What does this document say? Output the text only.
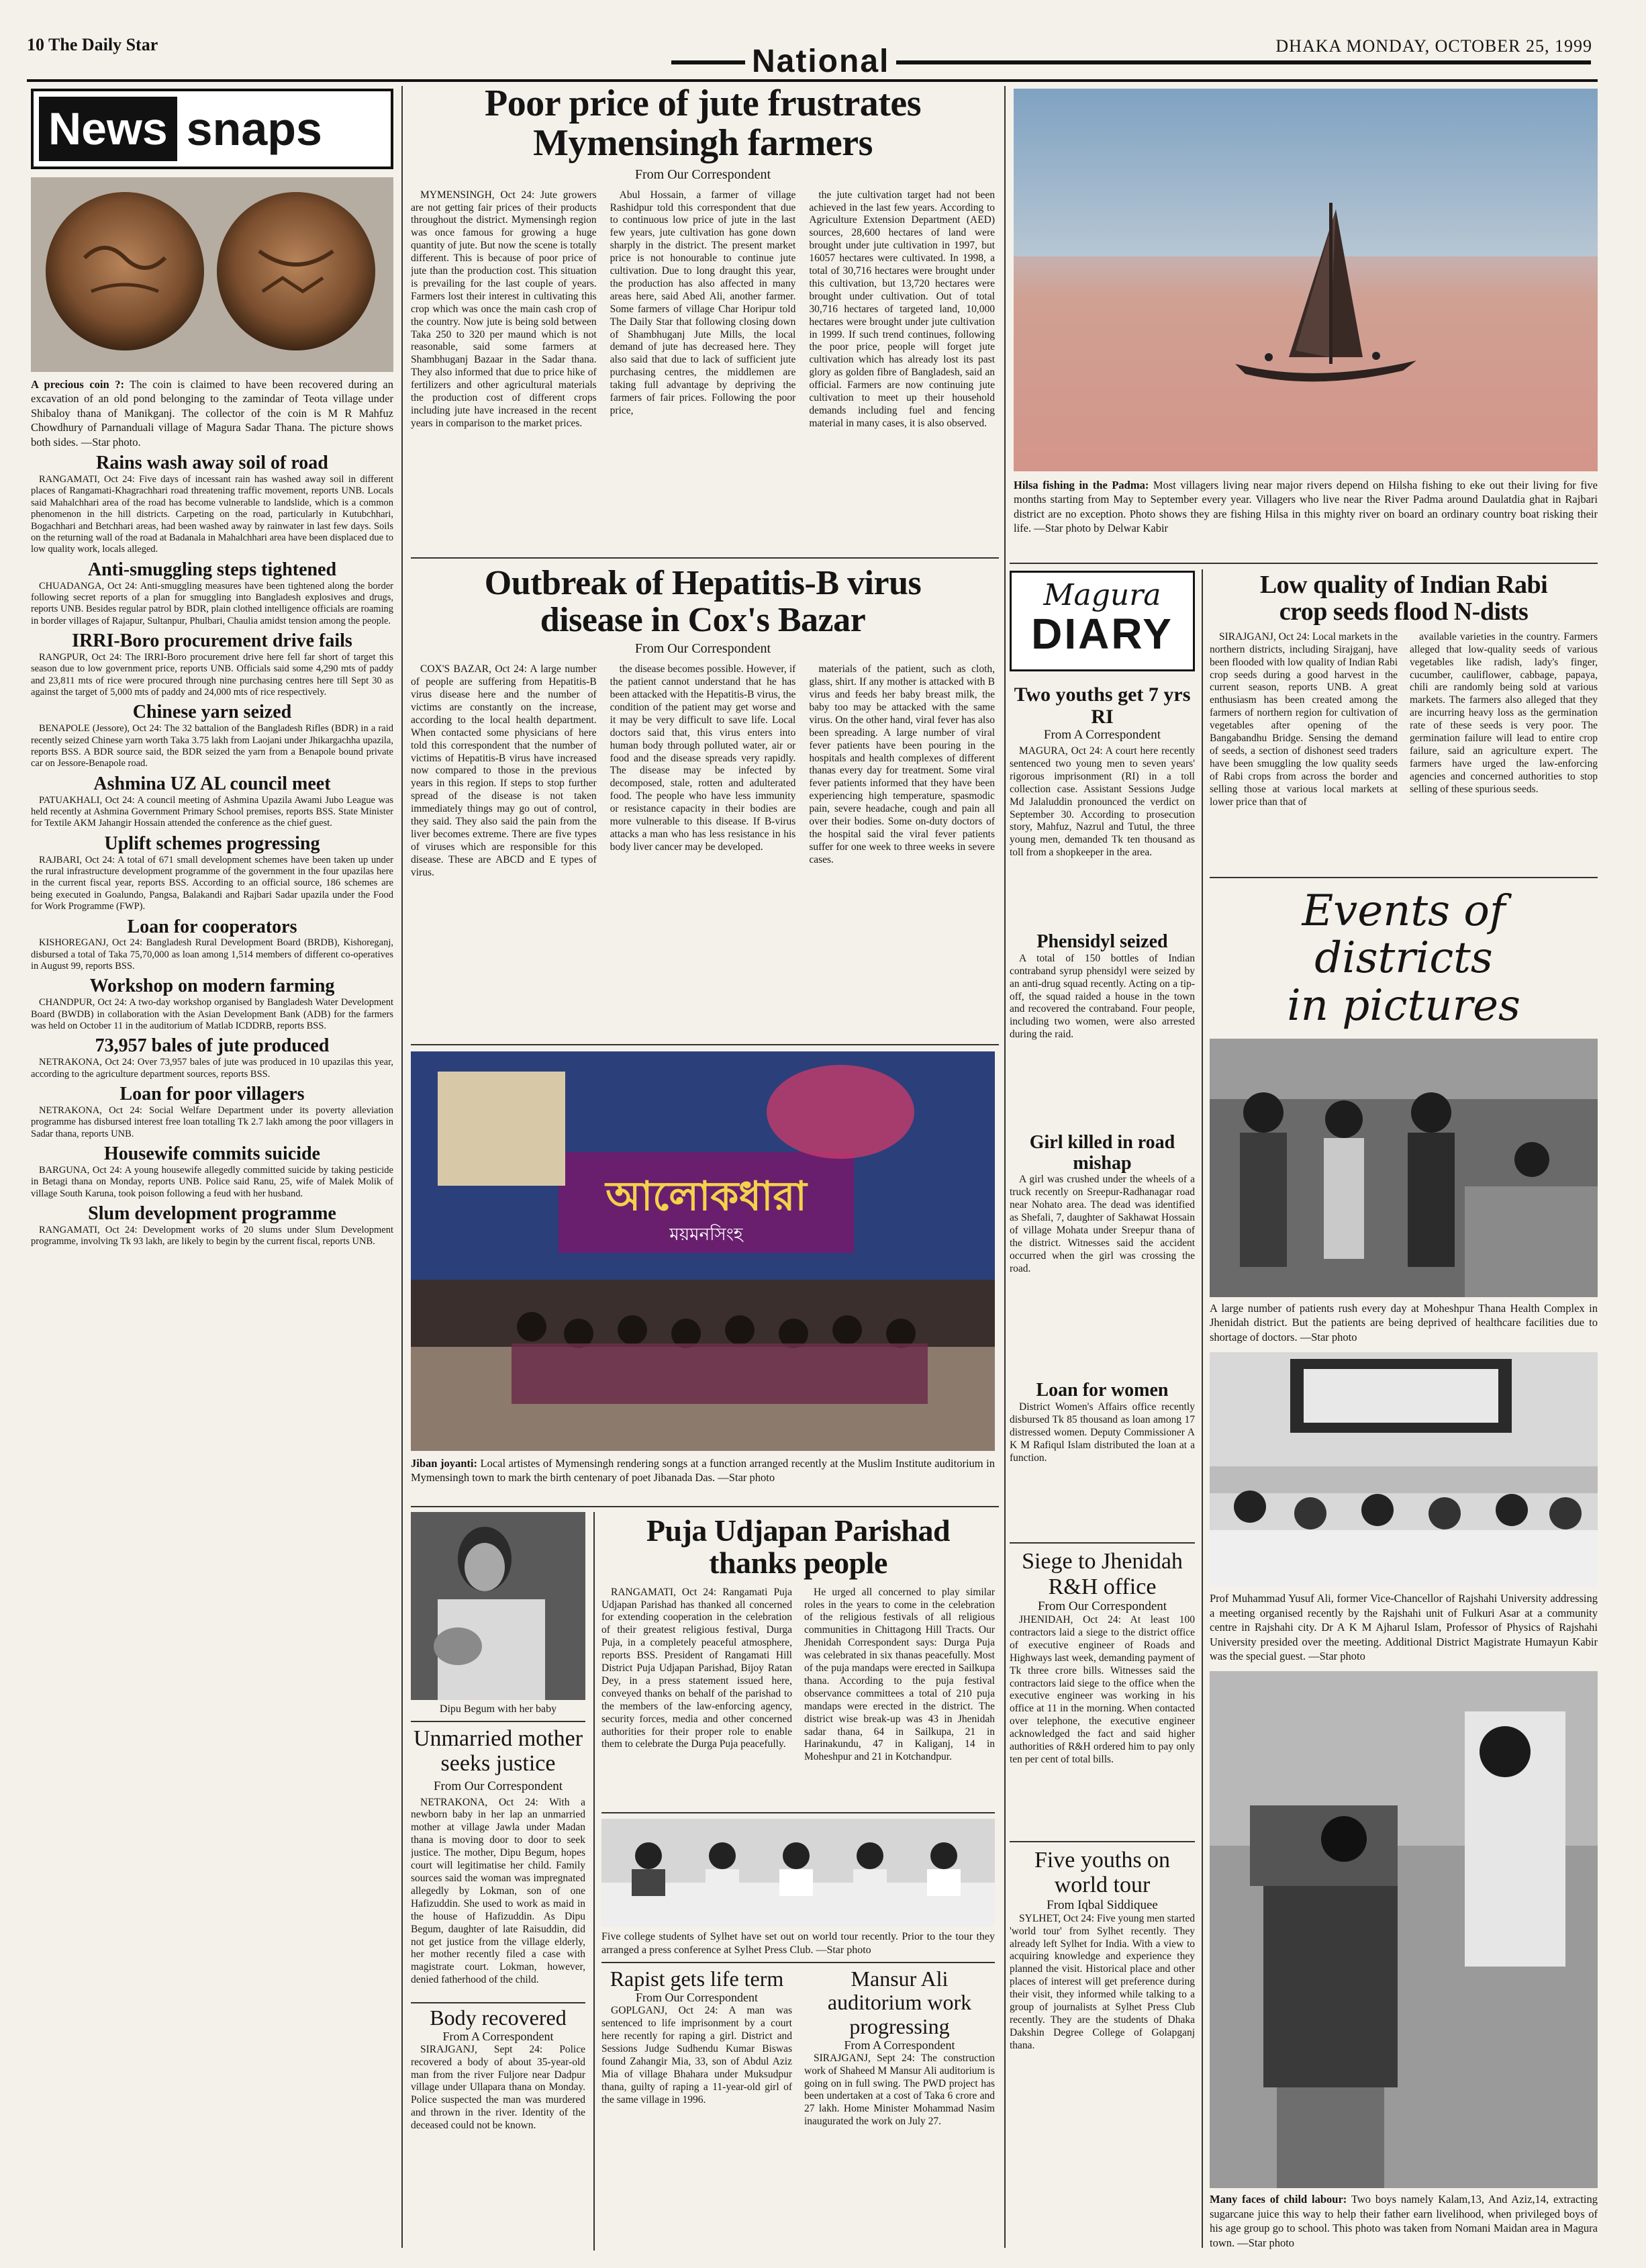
10 The Daily Star	National	DHAKA MONDAY, OCTOBER 25, 1999
News snaps
A precious coin ?: The coin is claimed to have been recovered during an excavation of an old pond belonging to the zamindar of Teota village under Shibaloy thana of Manikganj. The collector of the coin is M R Mahfuz Chowdhury of Parnanduali village of Magura Sadar Thana. The picture shows both sides. —Star photo.
Rains wash away soil of road

RANGAMATI, Oct 24: Five days of incessant rain has washed away soil in different places of Rangamati-Khagrachhari road threatening traffic movement, reports UNB. Locals said Mahalchhari area of the road has become vulnerable to landslide, which is a common phenomenon in the hill districts. Carpeting on the road, particularly in Kutubchhari, Bogachhari and Betchhari areas, had been washed away by rainwater in last few days. Soils on the returning wall of the road at Badanala in Mahalchhari area have been displaced due to low quality work, locals alleged.

Anti-smuggling steps tightened

CHUADANGA, Oct 24: Anti-smuggling measures have been tightened along the border following secret reports of a plan for smuggling into Bangladesh explosives and drugs, reports UNB. Besides regular patrol by BDR, plain clothed intelligence officials are roaming in border villages of Rajapur, Sultanpur, Phulbari, Chaulia amidst tension among the people.

IRRI-Boro procurement drive fails

RANGPUR, Oct 24: The IRRI-Boro procurement drive here fell far short of target this season due to low government price, reports UNB. Officials said some 4,290 mts of paddy and 23,811 mts of rice were procured through nine purchasing centres here till Sept 30 as against the target of 5,000 mts of paddy and 24,000 mts of rice respectively.

Chinese yarn seized

BENAPOLE (Jessore), Oct 24: The 32 battalion of the Bangladesh Rifles (BDR) in a raid recently seized Chinese yarn worth Taka 3.75 lakh from Laojani under Jhikargachha upazila, reports BSS. A BDR source said, the BDR seized the yarn from a Benapole bound private car on Jessore-Benapole road.

Ashmina UZ AL council meet

PATUAKHALI, Oct 24: A council meeting of Ashmina Upazila Awami Jubo League was held recently at Ashmina Government Primary School premises, reports BSS. State Minister for Textile AKM Jahangir Hossain attended the conference as the chief guest.

Uplift schemes progressing

RAJBARI, Oct 24: A total of 671 small development schemes have been taken up under the rural infrastructure development programme of the government in the four upazilas here in the current fiscal year, reports BSS. According to an official source, 186 schemes are being executed in Goalundo, Pangsa, Balakandi and Rajbari Sadar upazila under the Food for Work Programme (FWP).

Loan for cooperators

KISHOREGANJ, Oct 24: Bangladesh Rural Development Board (BRDB), Kishoreganj, disbursed a total of Taka 75,70,000 as loan among 1,514 members of different co-operatives in August 99, reports BSS.

Workshop on modern farming

CHANDPUR, Oct 24: A two-day workshop organised by Bangladesh Water Development Board (BWDB) in collaboration with the Asian Development Bank (ADB) for the farmers was held on October 11 in the auditorium of Matlab ICDDRB, reports BSS.

73,957 bales of jute produced

NETRAKONA, Oct 24: Over 73,957 bales of jute was produced in 10 upazilas this year, according to the agriculture department sources, reports BSS.

Loan for poor villagers

NETRAKONA, Oct 24: Social Welfare Department under its poverty alleviation programme has disbursed interest free loan totalling Tk 2.7 lakh among the poor villagers in Sadar thana, reports UNB.

Housewife commits suicide

BARGUNA, Oct 24: A young housewife allegedly committed suicide by taking pesticide in Betagi thana on Monday, reports UNB. Police said Ranu, 25, wife of Malek Molik of village South Karuna, took poison following a feud with her husband.

Slum development programme

RANGAMATI, Oct 24: Development works of 20 slums under Slum Development programme, involving Tk 93 lakh, are likely to begin by the current fiscal, reports UNB.

Poor price of jute frustrates
Mymensingh farmers
From Our Correspondent

MYMENSINGH, Oct 24: Jute growers are not getting fair prices of their products throughout the district. Mymensingh region was once famous for growing a huge quantity of jute. But now the scene is totally different. This is because of poor price of jute than the production cost. This situation is prevailing for the last couple of years. Farmers lost their interest in cultivating this crop which was once the main cash crop of the country. Now jute is being sold between Taka 250 to 320 per maund which is not reasonable, said some farmers at Shambhuganj Bazaar in the Sadar thana. They also informed that due to price hike of fertilizers and other agricultural materials the production cost of different crops including jute have increased in the recent years in comparison to the market prices.

Abul Hossain, a farmer of village Rashidpur told this correspondent that due to continuous low price of jute in the last few years, jute cultivation has gone down sharply in the district. The present market price is not honourable to continue jute cultivation. Due to long draught this year, the production has also affected in many areas here, said Abed Ali, another farmer. Some farmers of village Char Horipur told The Daily Star that following closing down of Shambhuganj Jute Mills, the local demand of jute has decreased here. They also said that due to lack of sufficient jute purchasing centres, the middlemen are taking full advantage by depriving the farmers of fair prices. Following the poor price,

the jute cultivation target had not been achieved in the last few years. According to Agriculture Extension Department (AED) sources, 28,600 hectares of land were brought under jute cultivation in 1997, but 16057 hectares were cultivated. In 1998, a total of 30,716 hectares were brought under this cultivation, but 13,720 hectares were brought under cultivation. Out of total 30,716 hectares of targeted land, 10,000 hectares were brought under jute cultivation in 1999. If such trend continues, following the poor price, people will forget jute cultivation which has already lost its past glory as golden fibre of Bangladesh, said an official. Farmers are now continuing jute cultivation to meet up their household demands including fuel and fencing material in many cases, it is also observed.

Hilsa fishing in the Padma: Most villagers living near major rivers depend on Hilsha fishing to eke out their living for five months starting from May to September every year. Villagers who live near the River Padma around Daulatdia ghat in Rajbari district are no exception. Photo shows they are fishing Hilsa in this mighty river on board an ordinary country boat risking their life. —Star photo by Delwar Kabir
Outbreak of Hepatitis-B virus
disease in Cox's Bazar
From Our Correspondent

COX'S BAZAR, Oct 24: A large number of people are suffering from Hepatitis-B virus disease here and the number of victims are constantly on the increase, according to the local health department. When contacted some physicians of here told this correspondent that the number of victims of Hepatitis-B virus have increased now compared to those in the previous years in this region. If steps to stop further spread of the disease is not taken immediately things may go out of control, they said. They also said the pain from the liver becomes extreme. There are five types of viruses which are responsible for this disease. These are ABCD and E types of virus.

the disease becomes possible. However, if the patient cannot understand that he has been attacked with the Hepatitis-B virus, the condition of the patient may get worse and it may be very difficult to save life. Local doctors said that, this virus enters into human body through polluted water, air or food and the disease spreads very rapidly. The disease may be infected by decomposed, stale, rotten and adulterated food. The people who have less immunity or resistance capacity in their bodies are more vulnerable to this disease. If B-virus attacks a man who has less resistance in his body liver cancer may be developed.

materials of the patient, such as cloth, glass, shirt. If any mother is attacked with B virus and feeds her baby breast milk, the baby too may be attacked with the same virus. On the other hand, viral fever has also been spreading. A large number of viral fever patients have been pouring in the hospitals and health complexes of different thanas every day for treatment. Some viral fever patients informed that they have been experiencing high temperature, spasmodic pain, severe headache, cough and pain all over their bodies. Some on-duty doctors of the hospital said the viral fever patients suffer for one week to three weeks in severe cases.

আলোকধারা
ময়মনসিংহ
Jiban joyanti: Local artistes of Mymensingh rendering songs at a function arranged recently at the Muslim Institute auditorium in Mymensingh town to mark the birth centenary of poet Jibanada Das. —Star photo
Dipu Begum with her baby
Unmarried mother seeks justice
From Our Correspondent

NETRAKONA, Oct 24: With a newborn baby in her lap an unmarried mother at village Jawla under Madan thana is moving door to door to seek justice. The mother, Dipu Begum, hopes court will legitimatise her child. Family sources said the woman was impregnated allegedly by Lokman, son of one Hafizuddin. She used to work as maid in the house of Hafizuddin. As Dipu Begum, daughter of late Raisuddin, did not get justice from the village elderly, her mother recently filed a case with magistrate court. Lokman, however, denied fatherhood of the child.

Body recovered
From A Correspondent

SIRAJGANJ, Sept 24: Police recovered a body of about 35-year-old man from the river Fuljore near Dadpur village under Ullapara thana on Monday. Police suspected the man was murdered and thrown in the river. Identity of the deceased could not be known.

Puja Udjapan Parishad
thanks people

RANGAMATI, Oct 24: Rangamati Puja Udjapan Parishad has thanked all concerned for extending cooperation in the celebration of their greatest religious festival, Durga Puja, in a completely peaceful atmosphere, reports BSS. President of Rangamati Hill District Puja Udjapan Parishad, Bijoy Ratan Dey, in a press statement issued here, conveyed thanks on behalf of the parishad to the members of the law-enforcing agency, security forces, media and other concerned authorities for their proper role to enable them to celebrate the Durga Puja peacefully.

He urged all concerned to play similar roles in the years to come in the celebration of the religious festivals of all religious communities in Chittagong Hill Tracts. Our Jhenidah Correspondent says: Durga Puja was celebrated in six thanas peacefully. Most of the puja mandaps were erected in Sailkupa thana. According to the puja festival observance committees a total of 210 puja mandaps were erected in the district. The district wise break-up was 43 in Jhenidah sadar thana, 64 in Sailkupa, 21 in Harinakundu, 47 in Kaliganj, 14 in Moheshpur and 21 in Kotchandpur.

Five college students of Sylhet have set out on world tour recently. Prior to the tour they arranged a press conference at Sylhet Press Club. —Star photo
Rapist gets life term
From Our Correspondent

GOPLGANJ, Oct 24: A man was sentenced to life imprisonment by a court here recently for raping a girl. District and Sessions Judge Sudhendu Kumar Biswas found Zahangir Mia, 33, son of Abdul Aziz Mia of village Bhahara under Muksudpur thana, guilty of raping a 11-year-old girl of the same village in 1996.

Mansur Ali auditorium work progressing
From A Correspondent

SIRAJGANJ, Sept 24: The construction work of Shaheed M Mansur Ali auditorium is going on in full swing. The PWD project has been undertaken at a cost of Taka 6 crore and 27 lakh. Home Minister Mohammad Nasim inaugurated the work on July 27.

Magura
DIARY
Two youths get 7 yrs RI
From A Correspondent

MAGURA, Oct 24: A court here recently sentenced two young men to seven years' rigorous imprisonment (RI) in a toll collection case. Assistant Sessions Judge Md Jalaluddin pronounced the verdict on September 30. According to prosecution story, Mahfuz, Nazrul and Tutul, the three young men, demanded Tk ten thousand as toll from a shopkeeper in the area.

Phensidyl seized

A total of 150 bottles of Indian contraband syrup phensidyl were seized by an anti-drug squad recently. Acting on a tip-off, the squad raided a house in the town and recovered the contraband. Four people, including two women, were also arrested during the raid.

Girl killed in road mishap

A girl was crushed under the wheels of a truck recently on Sreepur-Radhanagar road near Nohato area. The dead was identified as Shefali, 7, daughter of Sakhawat Hossain of village Mohata under Sreepur thana of the district. Witnesses said the accident occurred when the girl was crossing the road.

Loan for women

District Women's Affairs office recently disbursed Tk 85 thousand as loan among 17 distressed women. Deputy Commissioner A K M Rafiqul Islam distributed the loan at a function.

Siege to Jhenidah R&H office
From Our Correspondent

JHENIDAH, Oct 24: At least 100 contractors laid a siege to the district office of executive engineer of Roads and Highways last week, demanding payment of Tk three crore bills. Witnesses said the contractors laid siege to the office when the executive engineer was working in his office at 11 in the morning. When contacted over telephone, the executive engineer acknowledged the fact and said higher authorities of R&H ordered him to pay only ten per cent of total bills.

Five youths on world tour
From Iqbal Siddiquee

SYLHET, Oct 24: Five young men started 'world tour' from Sylhet recently. They already left Sylhet for India. With a view to acquiring knowledge and experience they planned the visit. Historical place and other places of interest will get preference during their visit, they informed while talking to a group of journalists at Sylhet Press Club recently. They are the students of Dhaka Dakshin Degree College of Golapganj thana.

Low quality of Indian Rabi
crop seeds flood N-dists

SIRAJGANJ, Oct 24: Local markets in the northern districts, including Sirajganj, have been flooded with low quality of Indian Rabi crop seeds during a good harvest in the current season, reports UNB. A great enthusiasm has been created among the farmers of northern region for cultivation of vegetables after opening of the Bangabandhu Bridge. Sensing the demand of seeds, a section of dishonest seed traders have been smuggling the low quality seeds of Rabi crops from across the border and selling those at various local markets at lower price than that of

available varieties in the country. Farmers alleged that low-quality seeds of various vegetables like radish, lady's finger, cucumber, cauliflower, cabbage, papaya, chili are randomly being sold at various markets. The farmers also alleged that they are incurring heavy loss as the germination rate of these seeds is very poor. The germination failure will lead to entire crop failure, said an agriculture expert. The farmers have urged the law-enforcing agencies and concerned authorities to stop selling of these spurious seeds.

Events of districts
in pictures
A large number of patients rush every day at Moheshpur Thana Health Complex in Jhenidah district. But the patients are being deprived of healthcare facilities due to shortage of doctors. —Star photo
Prof Muhammad Yusuf Ali, former Vice-Chancellor of Rajshahi University addressing a meeting organised recently by the Rajshahi unit of Fulkuri Asar at a community centre in Rajshahi city. Dr A K M Ajharul Islam, Professor of Physics of Rajshahi University presided over the meeting. Additional District Magistrate Humayun Kabir was the special guest. —Star photo
Many faces of child labour: Two boys namely Kalam,13, And Aziz,14, extracting sugarcane juice this way to help their father earn livelihood, when privileged boys of his age group go to school. This photo was taken from Nomani Maidan area in Magura town. —Star photo
